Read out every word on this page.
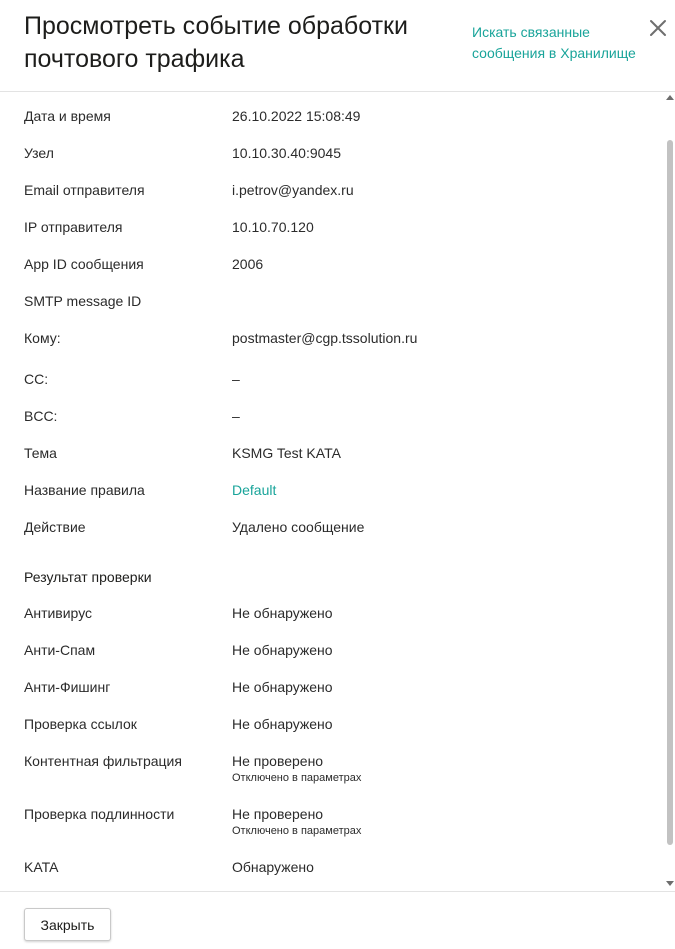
Просмотреть событие обработки почтового трафика
Искать связанные сообщения в Хранилище
Дата и время	26.10.2022 15:08:49
Узел	10.10.30.40:9045
Email отправителя	i.petrov@yandex.ru
IP отправителя	10.10.70.120
App ID сообщения	2006
SMTP message ID
Кому:	postmaster@cgp.tssolution.ru
CC:	–
BCC:	–
Тема	KSMG Test KATA
Название правила	Default
Действие	Удалено сообщение
Результат проверки
Антивирус	Не обнаружено
Анти-Спам	Не обнаружено
Анти-Фишинг	Не обнаружено
Проверка ссылок	Не обнаружено
Контентная фильтрация	Не проверено
Отключено в параметрах
Проверка подлинности	Не проверено
Отключено в параметрах
KATA	Обнаружено
Закрыть
